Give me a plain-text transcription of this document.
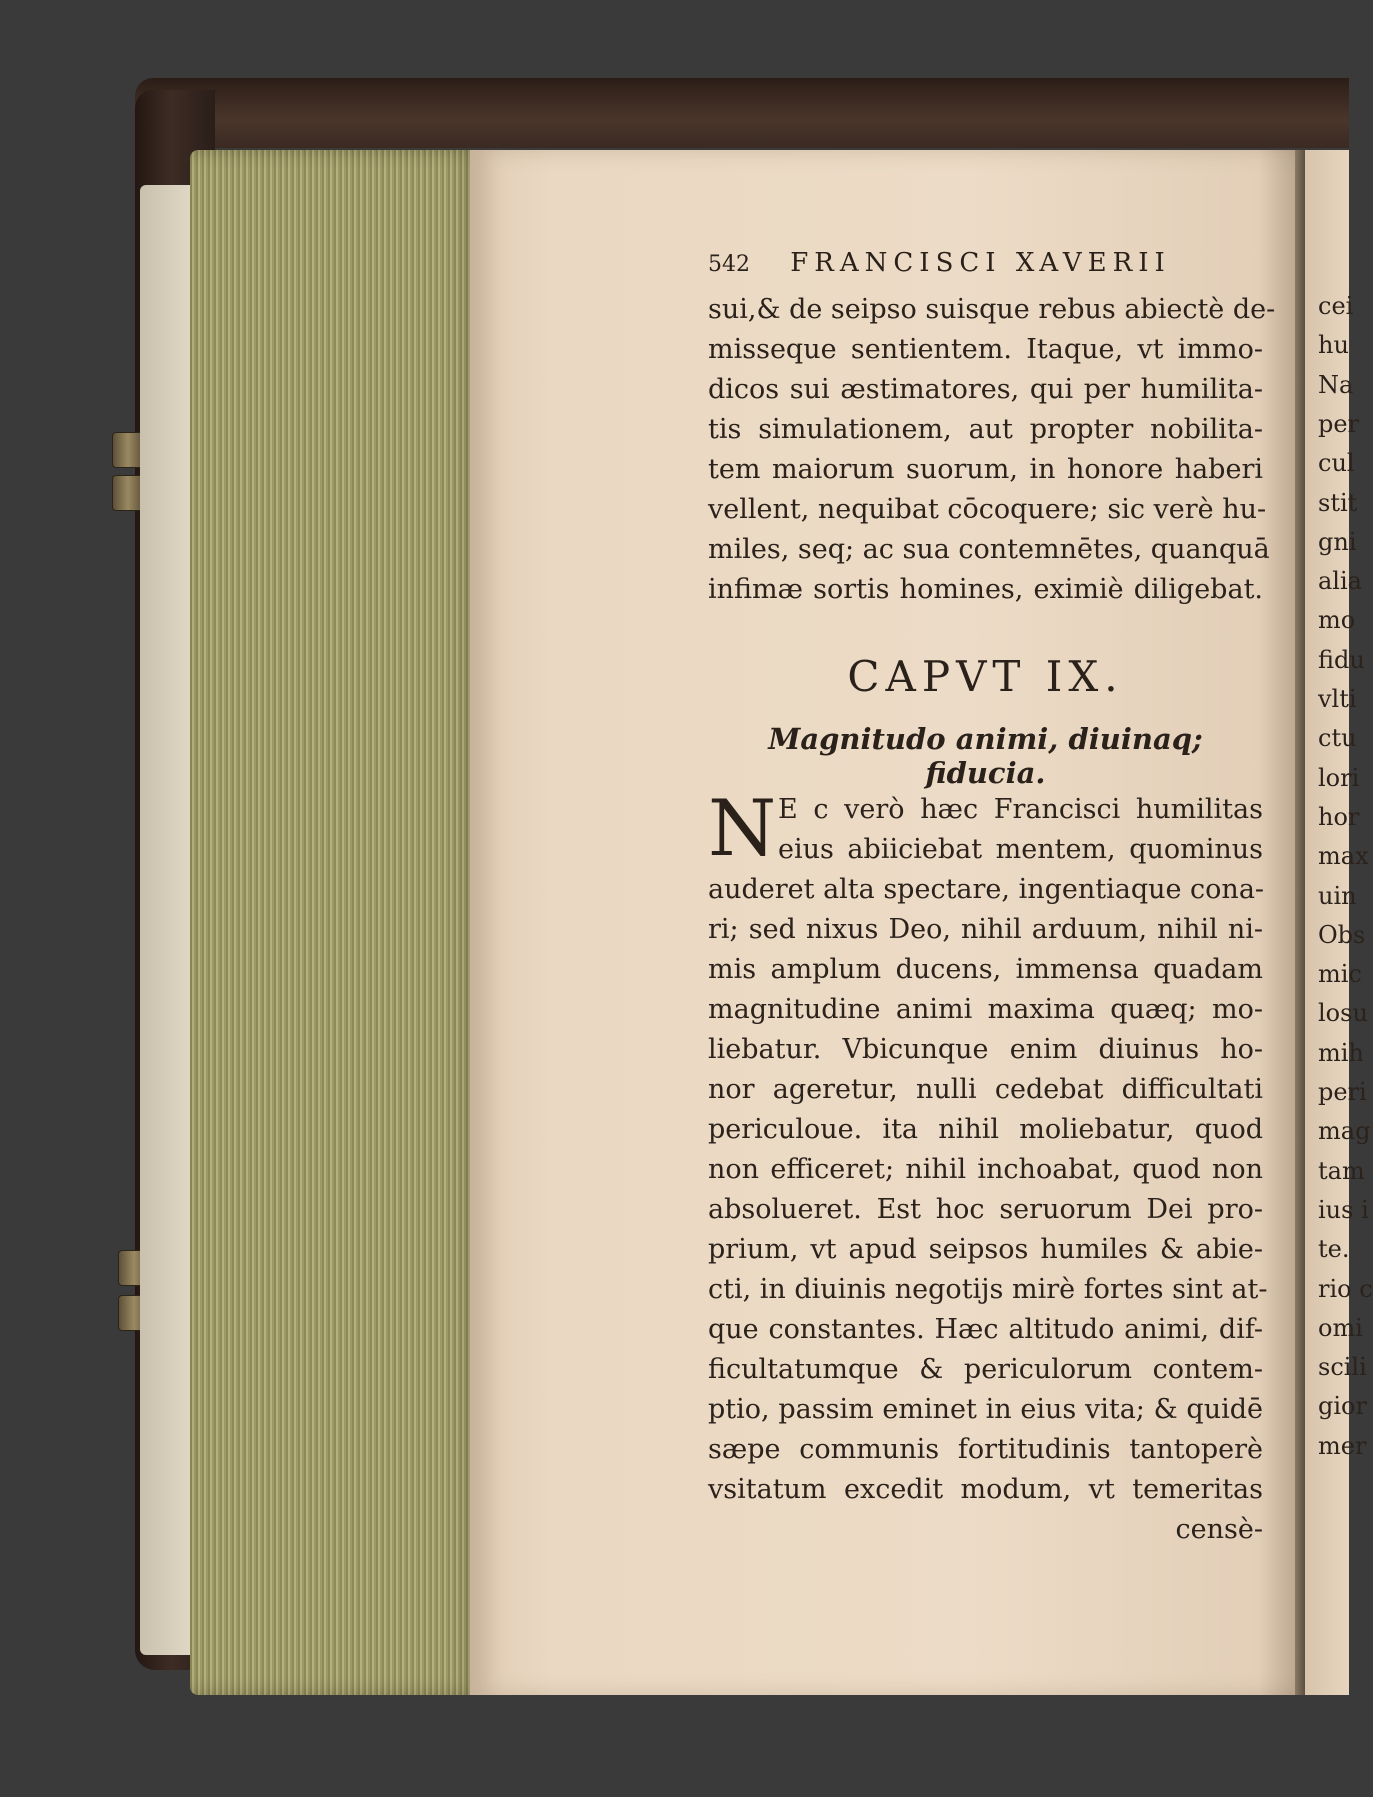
542 FRANCISCI XAVERII
sui,& de seipso suisque rebus abiectè de-
misseque sentientem. Itaque, vt immo-
dicos sui æstimatores, qui per humilita-
tis simulationem, aut propter nobilita-
tem maiorum suorum, in honore haberi
vellent, nequibat cōcoquere; sic verè hu-
miles, seq; ac sua contemnētes, quanquā
infimæ sortis homines, eximiè diligebat.
CAPVT IX.
Magnitudo animi, diuinaq; fiducia.
N E c verò hæc Francisci humilitas
eius abiiciebat mentem, quominus
auderet alta spectare, ingentiaque cona-
ri; sed nixus Deo, nihil arduum, nihil ni-
mis amplum ducens, immensa quadam
magnitudine animi maxima quæq; mo-
liebatur. Vbicunque enim diuinus ho-
nor ageretur, nulli cedebat difficultati
periculoue. ita nihil moliebatur, quod
non efficeret; nihil inchoabat, quod non
absolueret. Est hoc seruorum Dei pro-
prium, vt apud seipsos humiles & abie-
cti, in diuinis negotijs mirè fortes sint at-
que constantes. Hæc altitudo animi, dif-
ficultatumque & periculorum contem-
ptio, passim eminet in eius vita; & quidē
sæpe communis fortitudinis tantoperè
vsitatum excedit modum, vt temeritas
censè-
cei
hu
Na
per
cul
stit
gni
alia
mo
fidu
vlti
ctu
lori
hor
max
uin
Obs
mic
losu
mih
peri
mag
tam
ius i
te.
rio c
omi
scili
gior
mer
